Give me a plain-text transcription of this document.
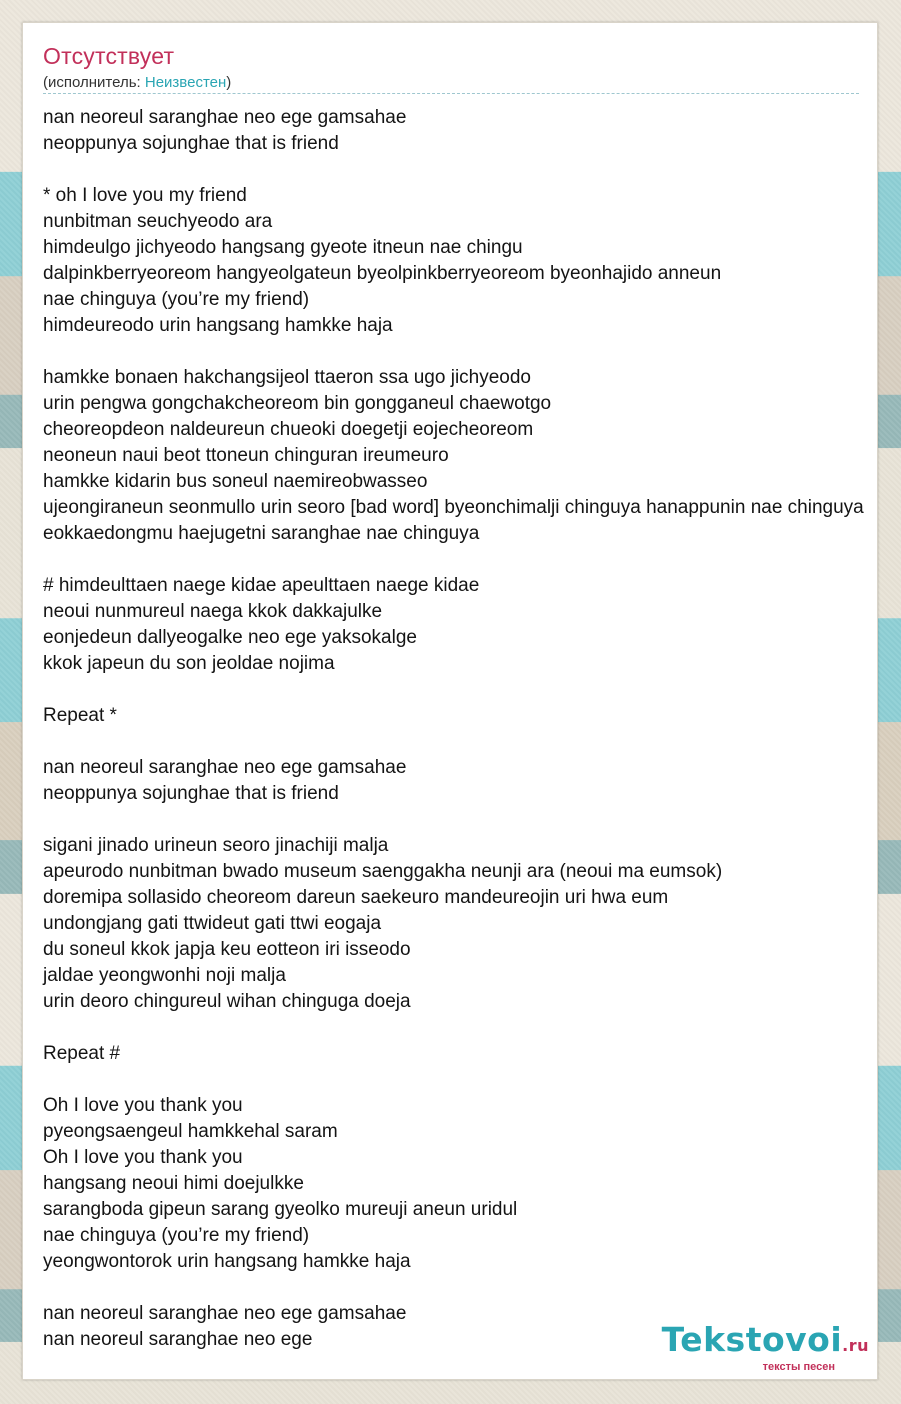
Отсутствует
(исполнитель: Неизвестен)
nan neoreul saranghae neo ege gamsahae
neoppunya sojunghae that is friend
* oh I love you my friend
nunbitman seuchyeodo ara
himdeulgo jichyeodo hangsang gyeote itneun nae chingu
dalpinkberryeoreom hangyeolgateun byeolpinkberryeoreom byeonhajido anneun
nae chinguya (you’re my friend)
himdeureodo urin hangsang hamkke haja
hamkke bonaen hakchangsijeol ttaeron ssa ugo jichyeodo
urin pengwa gongchakcheoreom bin gongganeul chaewotgo
cheoreopdeon naldeureun chueoki doegetji eojecheoreom
neoneun naui beot ttoneun chinguran ireumeuro
hamkke kidarin bus soneul naemireobwasseo
ujeongiraneun seonmullo urin seoro [bad word] byeonchimalji chinguya hanappunin nae chinguya
eokkaedongmu haejugetni saranghae nae chinguya
# himdeulttaen naege kidae apeulttaen naege kidae
neoui nunmureul naega kkok dakkajulke
eonjedeun dallyeogalke neo ege yaksokalge
kkok japeun du son jeoldae nojima
Repeat *
nan neoreul saranghae neo ege gamsahae
neoppunya sojunghae that is friend
sigani jinado urineun seoro jinachiji malja
apeurodo nunbitman bwado museum saenggakha neunji ara (neoui ma eumsok)
doremipa sollasido cheoreom dareun saekeuro mandeureojin uri hwa eum
undongjang gati ttwideut gati ttwi eogaja
du soneul kkok japja keu eotteon iri isseodo
jaldae yeongwonhi noji malja
urin deoro chingureul wihan chinguga doeja
Repeat #
Oh I love you thank you
pyeongsaengeul hamkkehal saram
Oh I love you thank you
hangsang neoui himi doejulkke
sarangboda gipeun sarang gyeolko mureuji aneun uridul
nae chinguya (you’re my friend)
yeongwontorok urin hangsang hamkke haja
nan neoreul saranghae neo ege gamsahae
nan neoreul saranghae neo ege	Tekstovoi.ru
тексты песен
